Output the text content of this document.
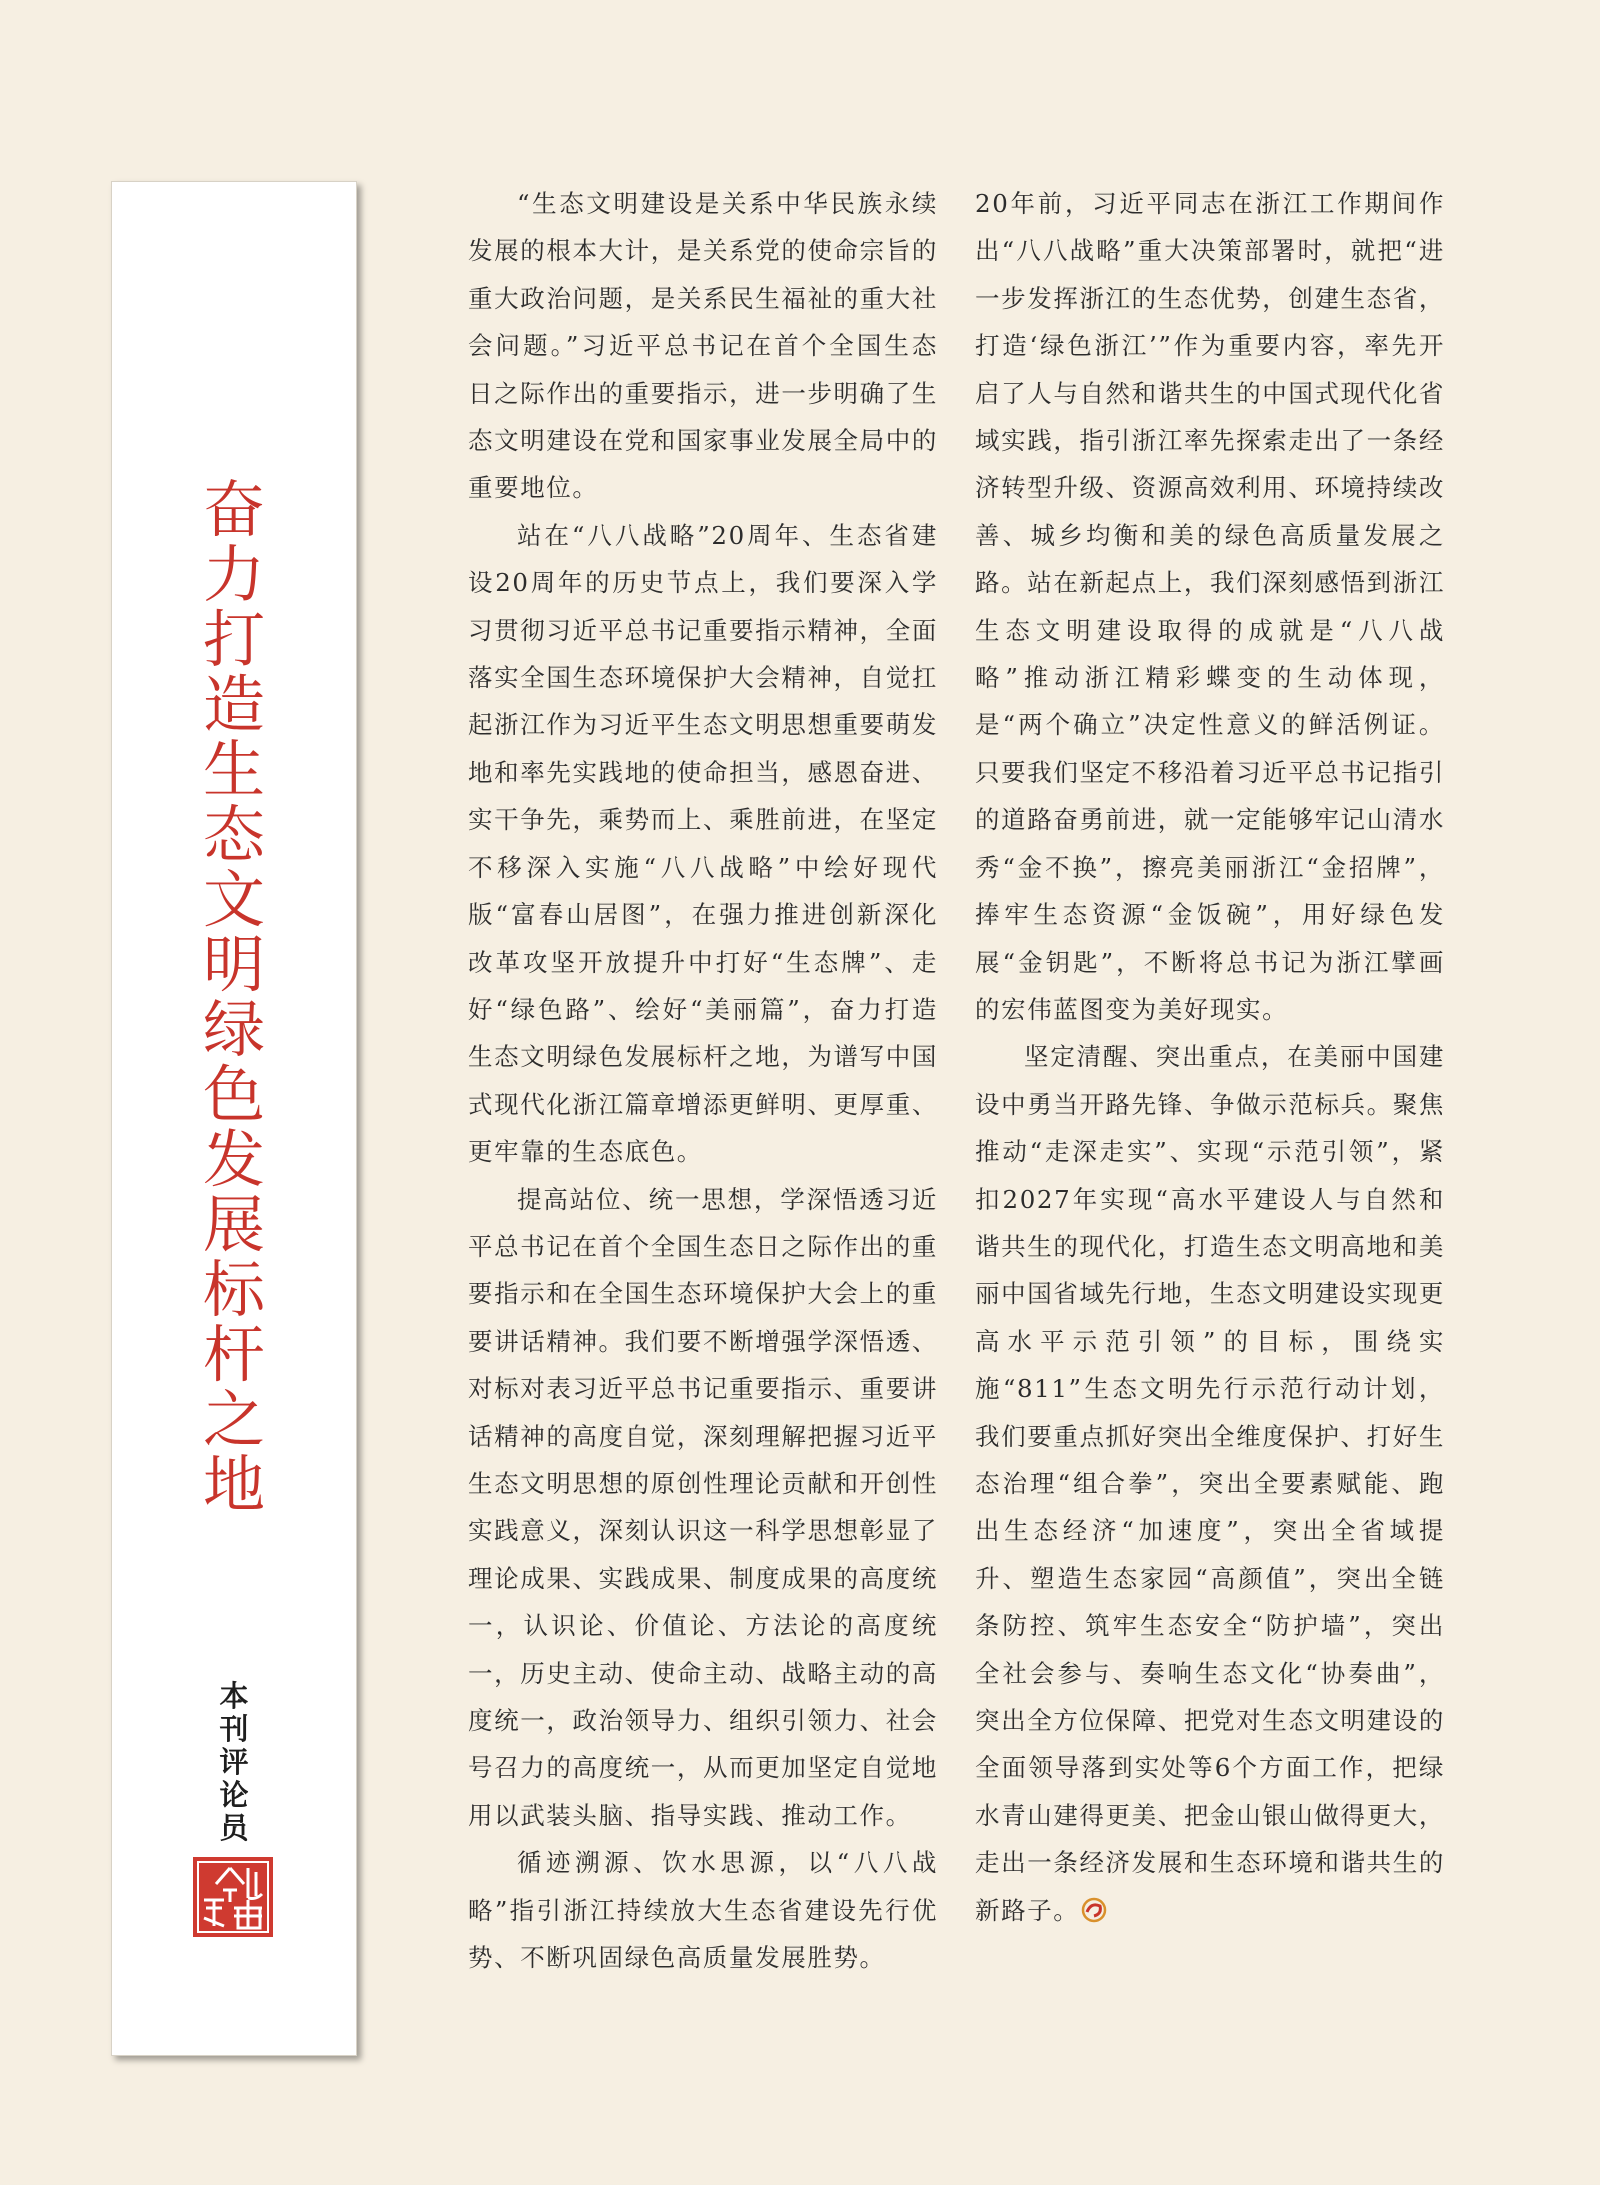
奋
力
打
造
生
态
文
明
绿
色
发
展
标
杆
之
地
本
刊
评
论
员

“生态文明建设是关系中华民族永续发展的根本大计，是关系党的使命宗旨的重大政治问题，是关系民生福祉的重大社会问题。”习近平总书记在首个全国生态日之际作出的重要指示，进一步明确了生态文明建设在党和国家事业发展全局中的重要地位。

站在“八八战略”20周年、生态省建设20周年的历史节点上，我们要深入学习贯彻习近平总书记重要指示精神，全面落实全国生态环境保护大会精神，自觉扛起浙江作为习近平生态文明思想重要萌发地和率先实践地的使命担当，感恩奋进、实干争先，乘势而上、乘胜前进，在坚定不移深入实施“八八战略”中绘好现代版“富春山居图”，在强力推进创新深化改革攻坚开放提升中打好“生态牌”、走好“绿色路”、绘好“美丽篇”，奋力打造生态文明绿色发展标杆之地，为谱写中国式现代化浙江篇章增添更鲜明、更厚重、更牢靠的生态底色。

提高站位、统一思想，学深悟透习近平总书记在首个全国生态日之际作出的重要指示和在全国生态环境保护大会上的重要讲话精神。我们要不断增强学深悟透、对标对表习近平总书记重要指示、重要讲话精神的高度自觉，深刻理解把握习近平生态文明思想的原创性理论贡献和开创性实践意义，深刻认识这一科学思想彰显了理论成果、实践成果、制度成果的高度统一，认识论、价值论、方法论的高度统一，历史主动、使命主动、战略主动的高度统一，政治领导力、组织引领力、社会号召力的高度统一，从而更加坚定自觉地用以武装头脑、指导实践、推动工作。

循迹溯源、饮水思源，以“八八战略”指引浙江持续放大生态省建设先行优势、不断巩固绿色高质量发展胜势。

20年前，习近平同志在浙江工作期间作出“八八战略”重大决策部署时，就把“进一步发挥浙江的生态优势，创建生态省，打造‘绿色浙江’”作为重要内容，率先开启了人与自然和谐共生的中国式现代化省域实践，指引浙江率先探索走出了一条经济转型升级、资源高效利用、环境持续改善、城乡均衡和美的绿色高质量发展之路。站在新起点上，我们深刻感悟到浙江生态文明建设取得的成就是“八八战略”推动浙江精彩蝶变的生动体现，是“两个确立”决定性意义的鲜活例证。只要我们坚定不移沿着习近平总书记指引的道路奋勇前进，就一定能够牢记山清水秀“金不换”，擦亮美丽浙江“金招牌”，捧牢生态资源“金饭碗”，用好绿色发展“金钥匙”，不断将总书记为浙江擘画的宏伟蓝图变为美好现实。

坚定清醒、突出重点，在美丽中国建设中勇当开路先锋、争做示范标兵。聚焦推动“走深走实”、实现“示范引领”，紧扣2027年实现“高水平建设人与自然和谐共生的现代化，打造生态文明高地和美丽中国省域先行地，生态文明建设实现更高水平示范引领”的目标，围绕实施“811”生态文明先行示范行动计划，我们要重点抓好突出全维度保护、打好生态治理“组合拳”，突出全要素赋能、跑出生态经济“加速度”，突出全省域提升、塑造生态家园“高颜值”，突出全链条防控、筑牢生态安全“防护墙”，突出全社会参与、奏响生态文化“协奏曲”，突出全方位保障、把党对生态文明建设的全面领导落到实处等6个方面工作，把绿水青山建得更美、把金山银山做得更大，走出一条经济发展和生态环境和谐共生的新路子。
